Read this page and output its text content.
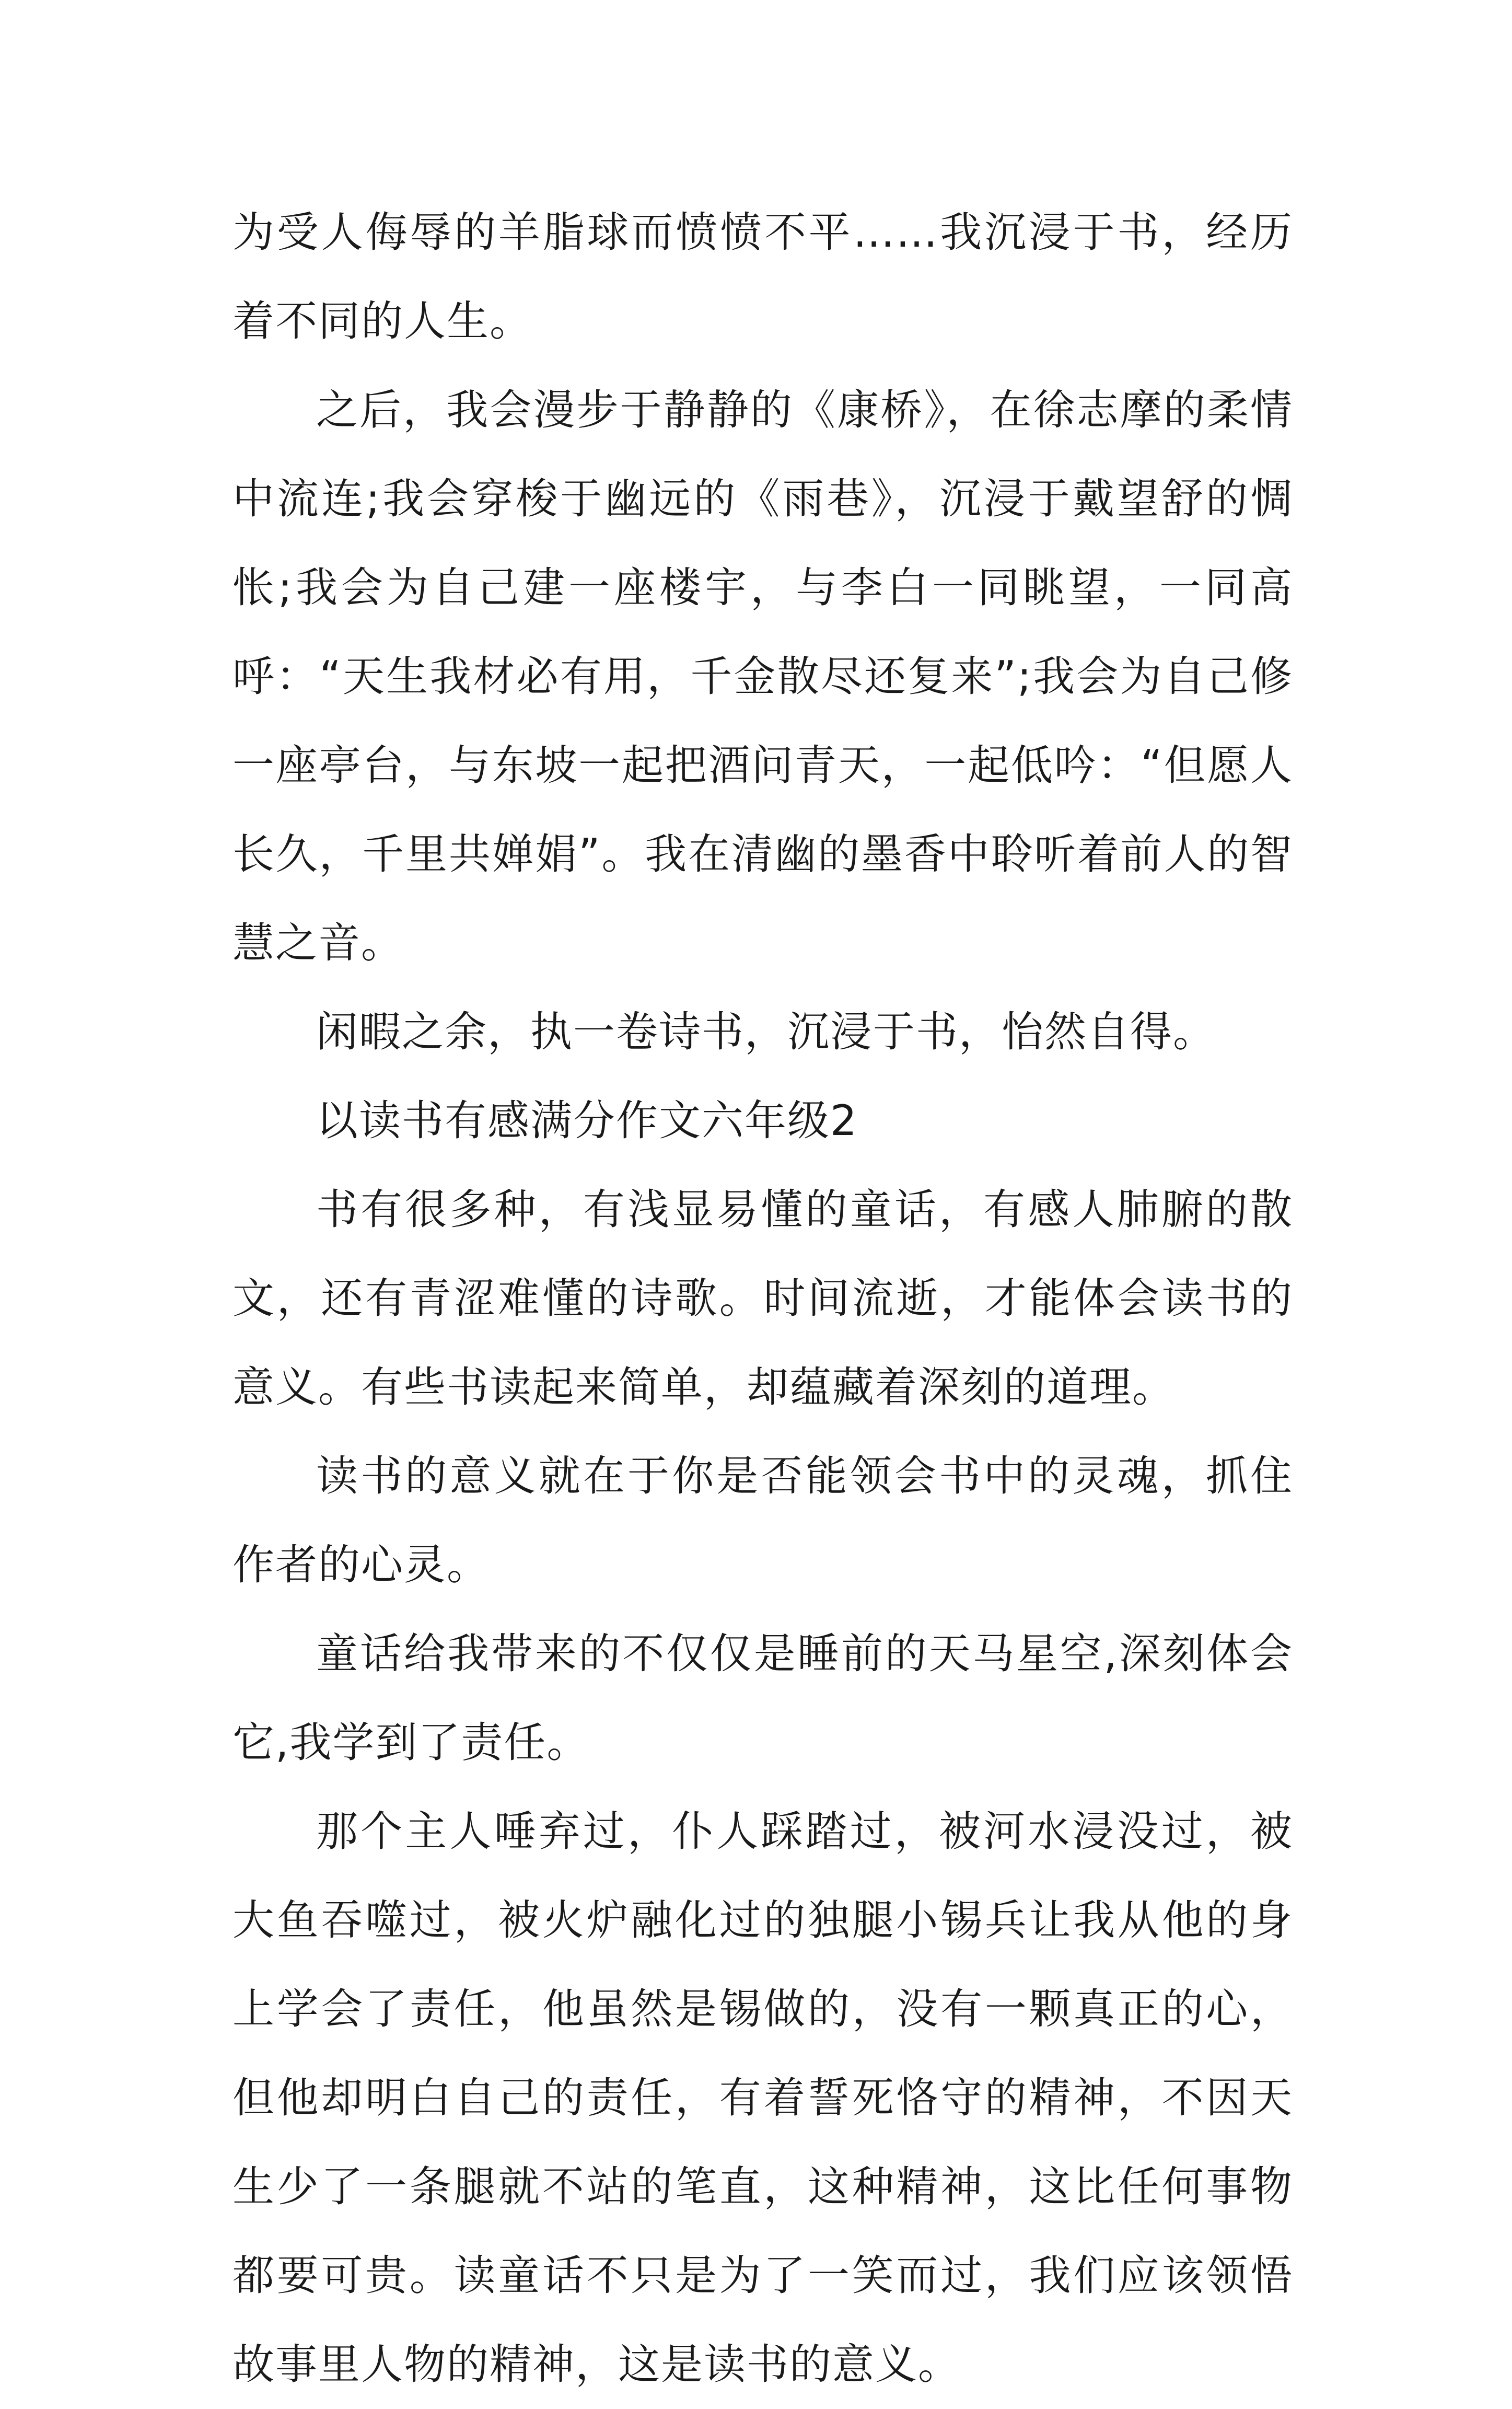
为受人侮辱的羊脂球而愤愤不平……我沉浸于书，经历着不同的人生。

之后，我会漫步于静静的《康桥》，在徐志摩的柔情中流连;我会穿梭于幽远的《雨巷》，沉浸于戴望舒的惆怅;我会为自己建一座楼宇，与李白一同眺望，一同高呼：“天生我材必有用，千金散尽还复来”;我会为自己修一座亭台，与东坡一起把酒问青天，一起低吟：“但愿人长久，千里共婵娟”。我在清幽的墨香中聆听着前人的智慧之音。

闲暇之余，执一卷诗书，沉浸于书，怡然自得。

以读书有感满分作文六年级2

书有很多种，有浅显易懂的童话，有感人肺腑的散文，还有青涩难懂的诗歌。时间流逝，才能体会读书的意义。有些书读起来简单，却蕴藏着深刻的道理。

读书的意义就在于你是否能领会书中的灵魂，抓住作者的心灵。

童话给我带来的不仅仅是睡前的天马星空,深刻体会它,我学到了责任。

那个主人唾弃过，仆人踩踏过，被河水浸没过，被大鱼吞噬过，被火炉融化过的独腿小锡兵让我从他的身上学会了责任，他虽然是锡做的，没有一颗真正的心，但他却明白自己的责任，有着誓死恪守的精神，不因天生少了一条腿就不站的笔直，这种精神，这比任何事物都要可贵。读童话不只是为了一笑而过，我们应该领悟故事里人物的精神，这是读书的意义。
